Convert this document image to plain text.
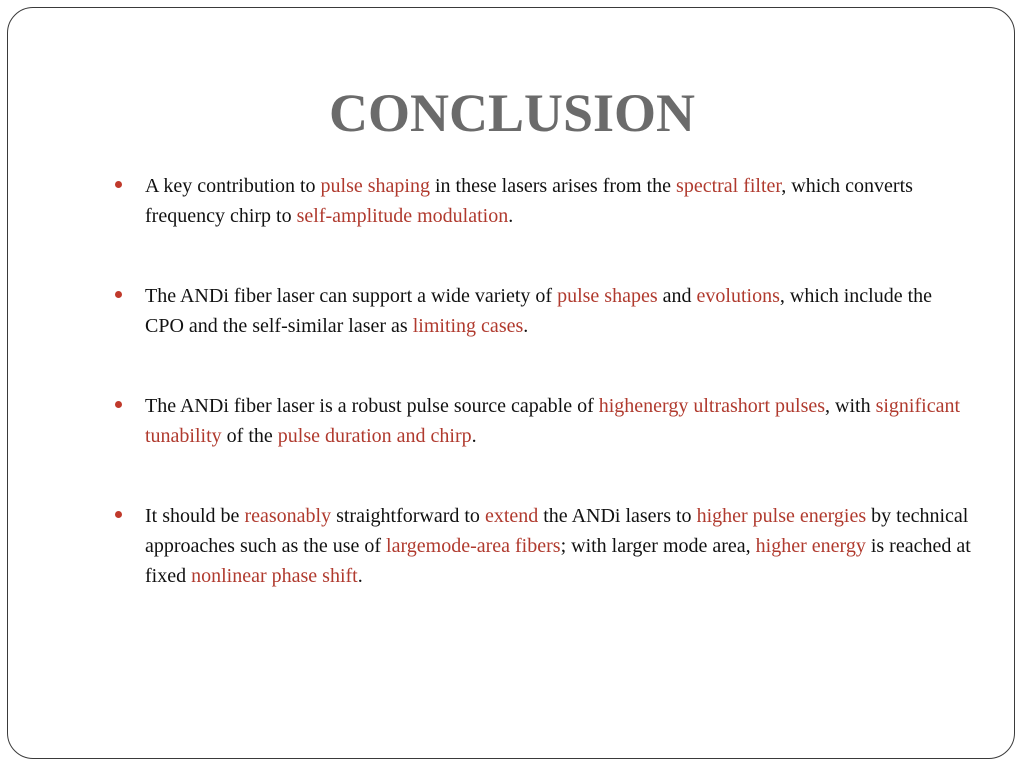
CONCLUSION
A key contribution to pulse shaping in these lasers arises from the spectral filter, which converts frequency chirp to self-amplitude modulation.
The ANDi fiber laser can support a wide variety of pulse shapes and evolutions, which include the CPO and the self-similar laser as limiting cases.
The ANDi fiber laser is a robust pulse source capable of highenergy ultrashort pulses, with significant tunability of the pulse duration and chirp.
It should be reasonably straightforward to extend the ANDi lasers to higher pulse energies by technical approaches such as the use of largemode-area fibers; with larger mode area, higher energy is reached at fixed nonlinear phase shift.
